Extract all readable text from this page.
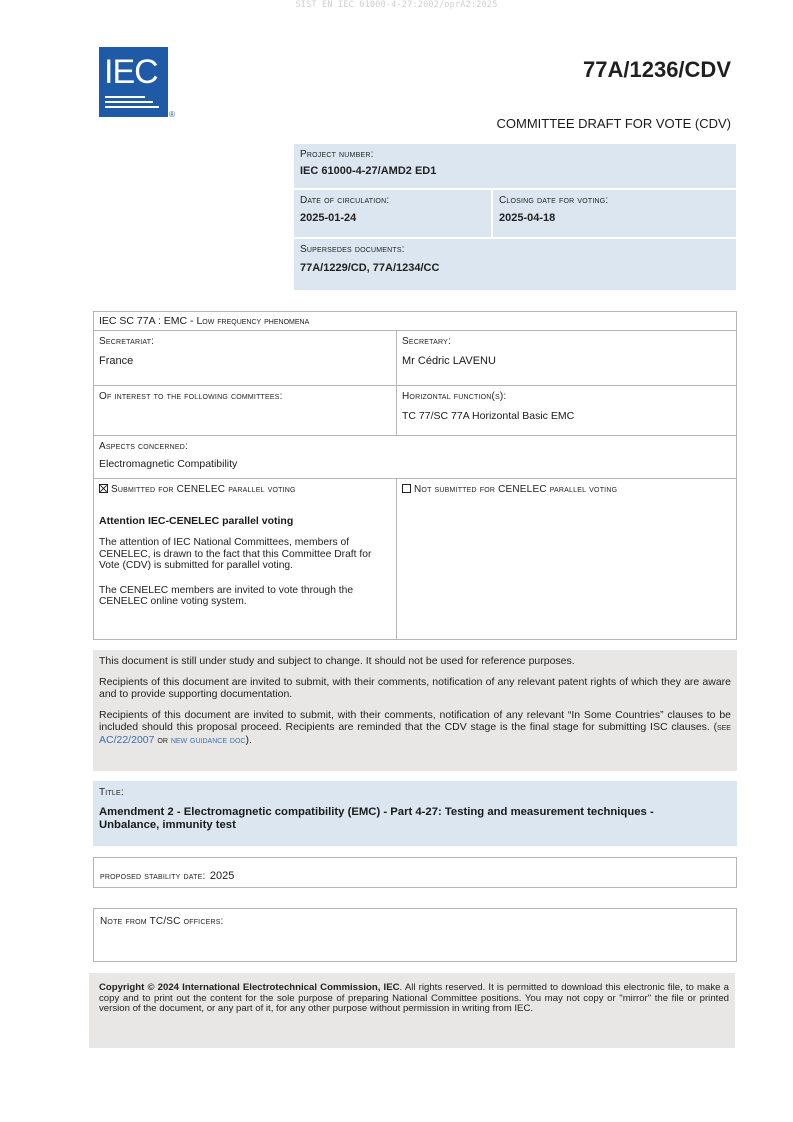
SIST EN IEC 61000-4-27:2002/oprA2:2025
IEC
®
77A/1236/CDV
COMMITTEE DRAFT FOR VOTE (CDV)
Project number:
IEC 61000-4-27/AMD2 ED1
Date of circulation:
2025-01-24
Closing date for voting:
2025-04-18
Supersedes documents:
77A/1229/CD, 77A/1234/CC
IEC SC 77A : EMC - Low frequency phenomena
Secretariat:
France
Secretary:
Mr Cédric LAVENU
Of interest to the following committees:	Horizontal function(s):
TC 77/SC 77A Horizontal Basic EMC
Aspects concerned:
Electromagnetic Compatibility
Submitted for CENELEC parallel voting
Attention IEC-CENELEC parallel voting

The attention of IEC National Committees, members of CENELEC, is drawn to the fact that this Committee Draft for Vote (CDV) is submitted for parallel voting.

The CENELEC members are invited to vote through the CENELEC online voting system.

Not submitted for CENELEC parallel voting

This document is still under study and subject to change. It should not be used for reference purposes.

Recipients of this document are invited to submit, with their comments, notification of any relevant patent rights of which they are aware and to provide supporting documentation.

Recipients of this document are invited to submit, with their comments, notification of any relevant “In Some Countries” clauses to be included should this proposal proceed. Recipients are reminded that the CDV stage is the final stage for submitting ISC clauses. (see AC/22/2007 or new guidance doc).

Title:
Amendment 2 - Electromagnetic compatibility (EMC) - Part 4-27: Testing and measurement techniques - Unbalance, immunity test
proposed stability date: 2025
Note from TC/SC officers:

Copyright © 2024 International Electrotechnical Commission, IEC. All rights reserved. It is permitted to download this electronic file, to make a copy and to print out the content for the sole purpose of preparing National Committee positions. You may not copy or "mirror" the file or printed version of the document, or any part of it, for any other purpose without permission in writing from IEC.
